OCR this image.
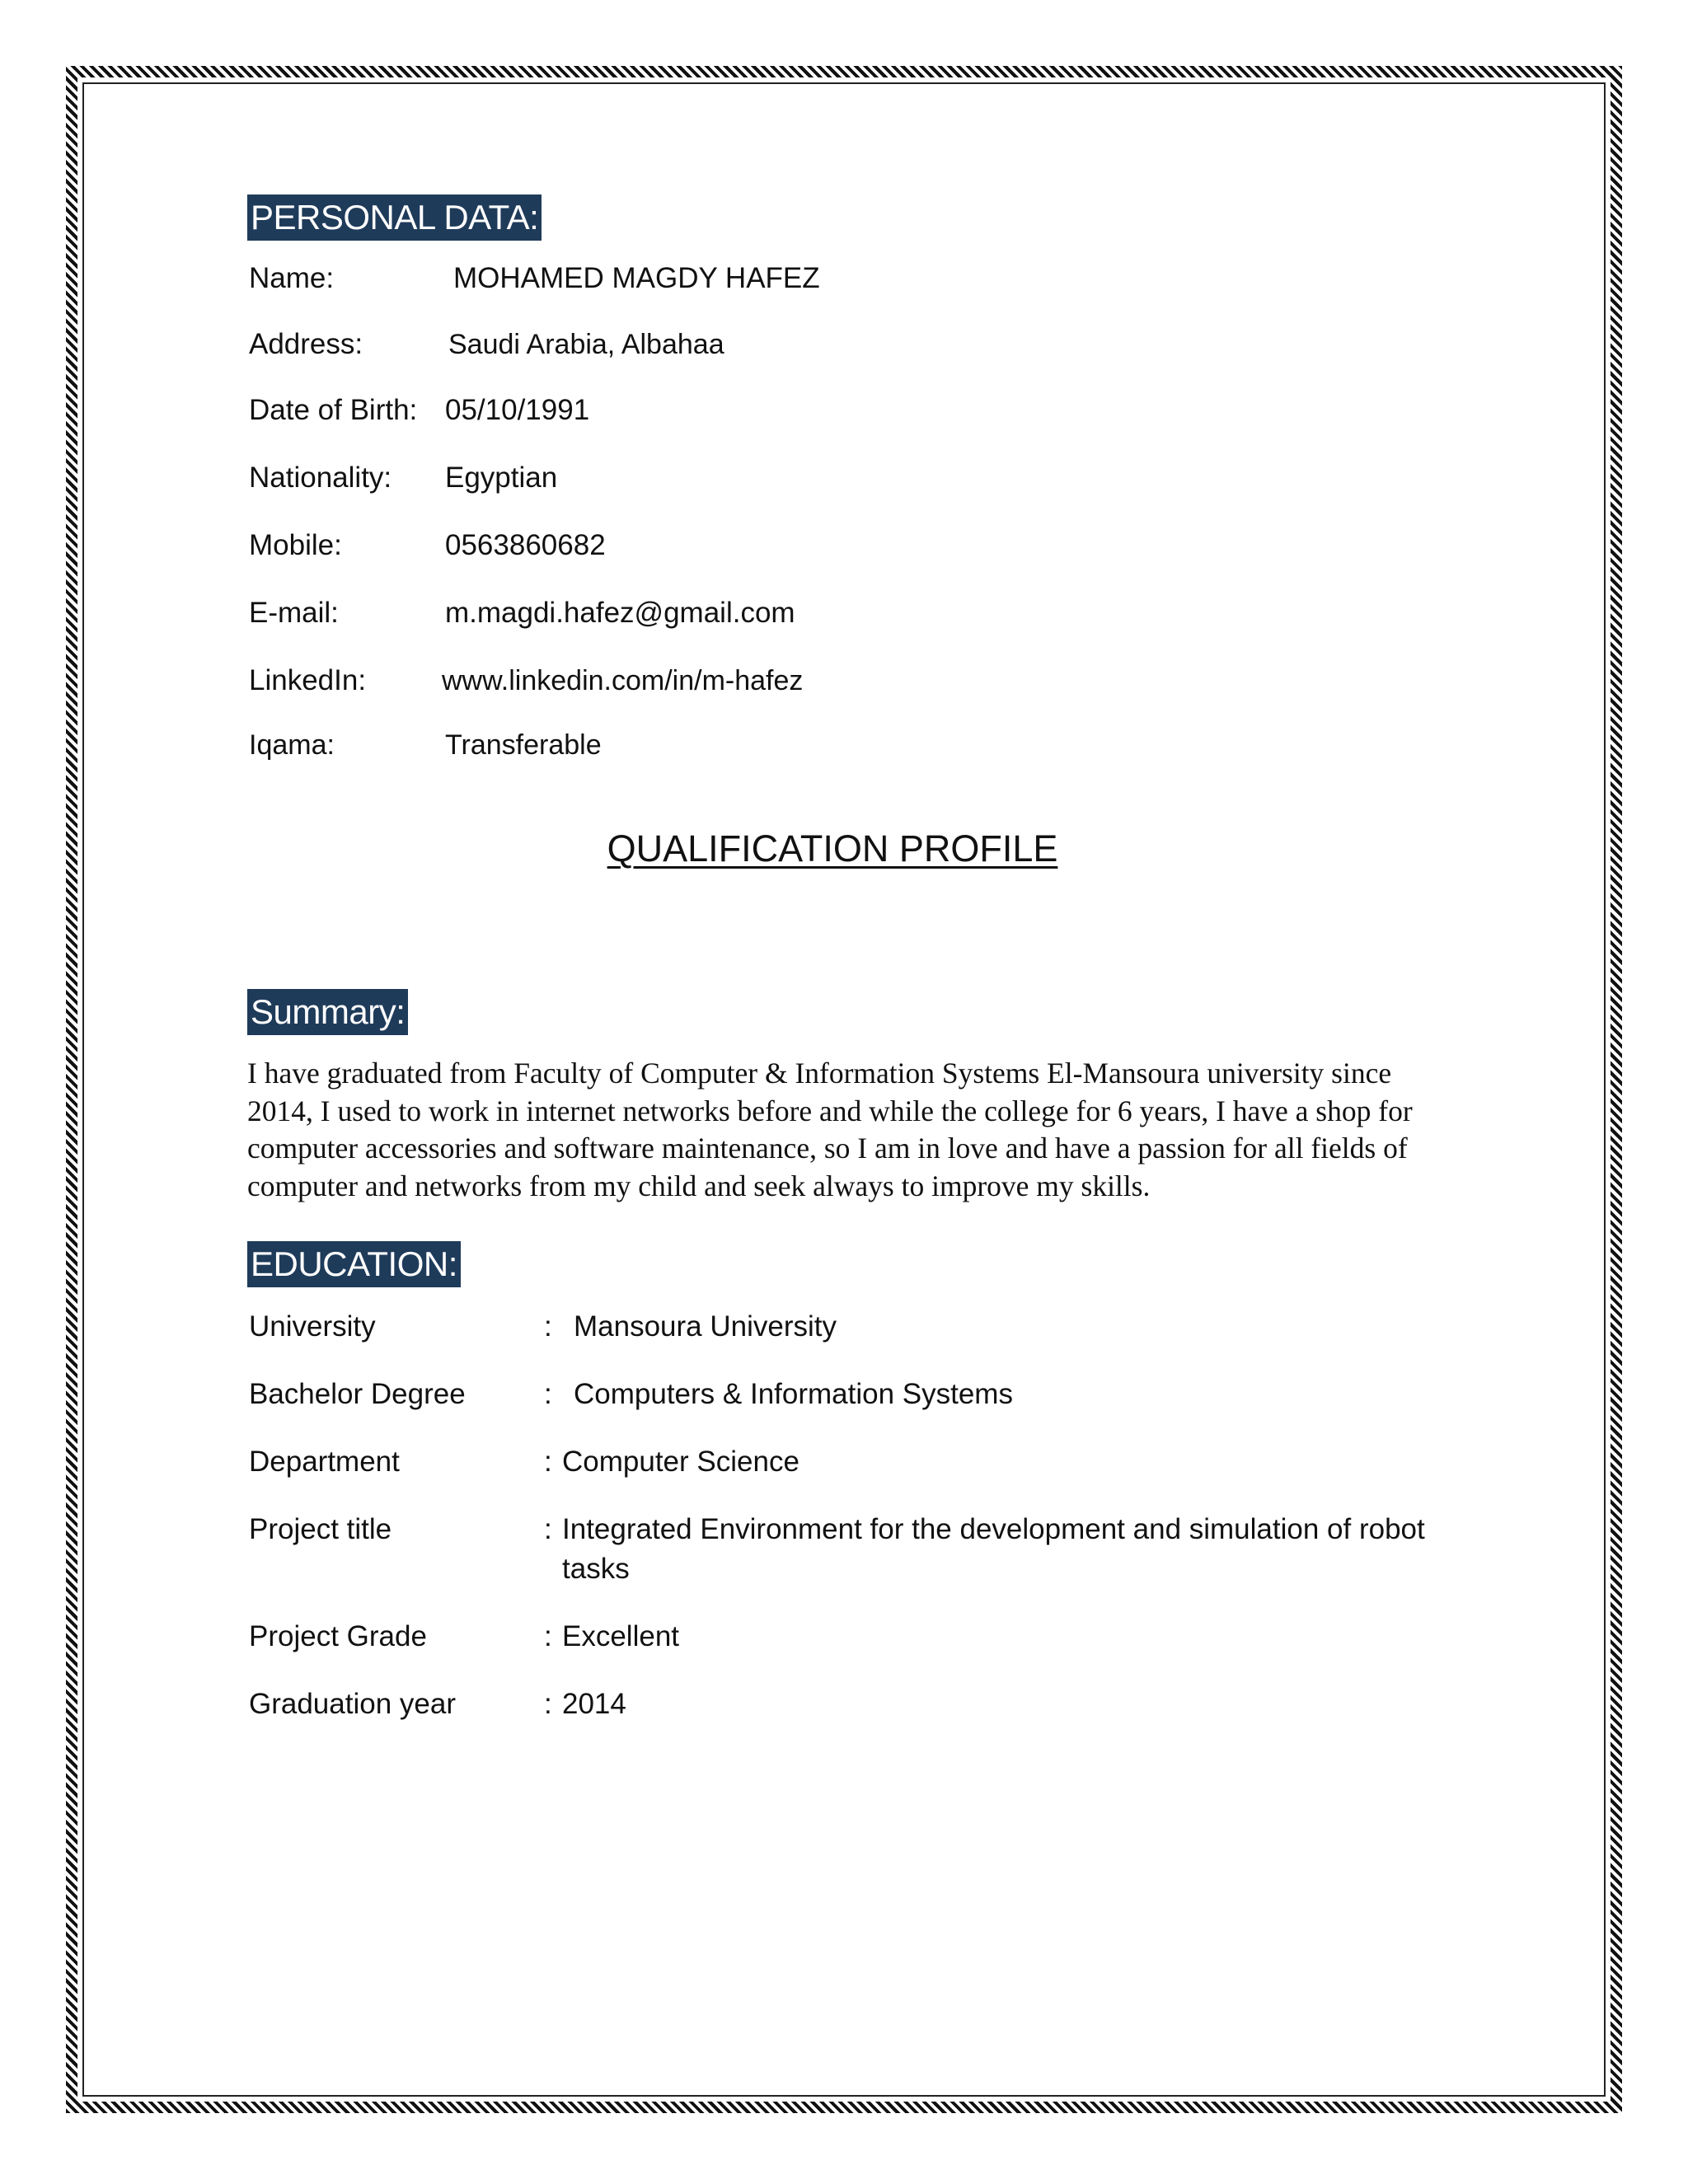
PERSONAL DATA:
Name:	MOHAMED MAGDY HAFEZ
Address:	Saudi Arabia, Albahaa
Date of Birth: 05/10/1991
Nationality: Egyptian
Mobile:	0563860682
E-mail:	m.magdi.hafez@gmail.com
LinkedIn:	www.linkedin.com/in/m-hafez
Iqama:	Transferable
QUALIFICATION PROFILE
Summary:

I have graduated from Faculty of Computer & Information Systems El-Mansoura university since 2014, I used to work in internet networks before and while the college for 6 years, I have a shop for computer accessories and software maintenance, so I am in love and have a passion for all fields of computer and networks from my child and seek always to improve my skills.

EDUCATION:
University	: Mansoura University
Bachelor Degree	: Computers & Information Systems
Department	: Computer Science
Project title	: Integrated Environment for the development and simulation of robot tasks
Project Grade	: Excellent
Graduation year	: 2014
